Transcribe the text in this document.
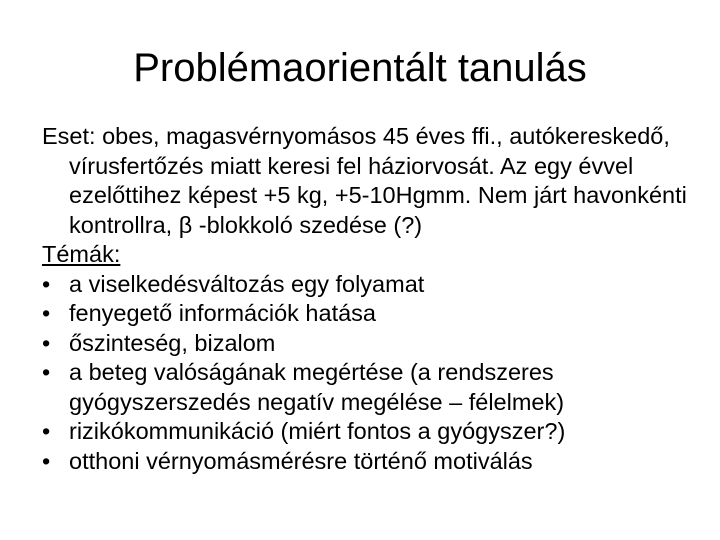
Problémaorientált tanulás

Eset: obes, magasvérnyomásos 45 éves ffi., autókereskedő, vírusfertőzés miatt keresi fel háziorvosát. Az egy évvel ezelőttihez képest +5 kg, +5-10Hgmm. Nem járt havonkénti kontrollra, β -blokkoló szedése (?)

Témák:

• a viselkedésváltozás egy folyamat
• fenyegető információk hatása
• őszinteség, bizalom
• a beteg valóságának megértése (a rendszeres gyógyszerszedés negatív megélése – félelmek)
• rizikókommunikáció (miért fontos a gyógyszer?)
• otthoni vérnyomásmérésre történő motiválás
